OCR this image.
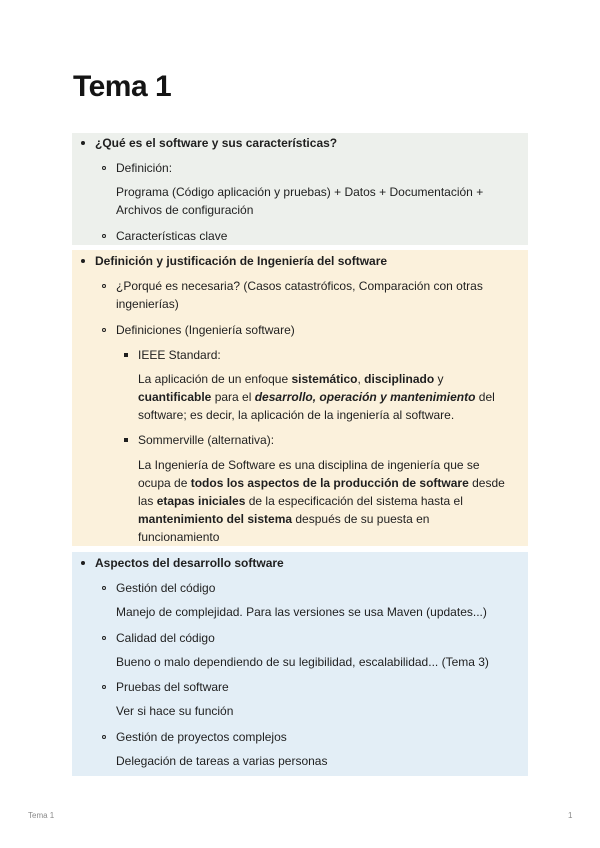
Tema 1
¿Qué es el software y sus características?
Definición:
Programa (Código aplicación y pruebas) + Datos + Documentación +
Archivos de configuración
Características clave
Definición y justificación de Ingeniería del software
¿Porqué es necesaria? (Casos catastróficos, Comparación con otras
ingenierías)
Definiciones (Ingeniería software)
IEEE Standard:
La aplicación de un enfoque sistemático, disciplinado y
cuantificable para el desarrollo, operación y mantenimiento del
software; es decir, la aplicación de la ingeniería al software.
Sommerville (alternativa):
La Ingeniería de Software es una disciplina de ingeniería que se
ocupa de todos los aspectos de la producción de software desde
las etapas iniciales de la especificación del sistema hasta el
mantenimiento del sistema después de su puesta en
funcionamiento
Aspectos del desarrollo software
Gestión del código
Manejo de complejidad. Para las versiones se usa Maven (updates...)
Calidad del código
Bueno o malo dependiendo de su legibilidad, escalabilidad... (Tema 3)
Pruebas del software
Ver si hace su función
Gestión de proyectos complejos
Delegación de tareas a varias personas
Tema 1	1
